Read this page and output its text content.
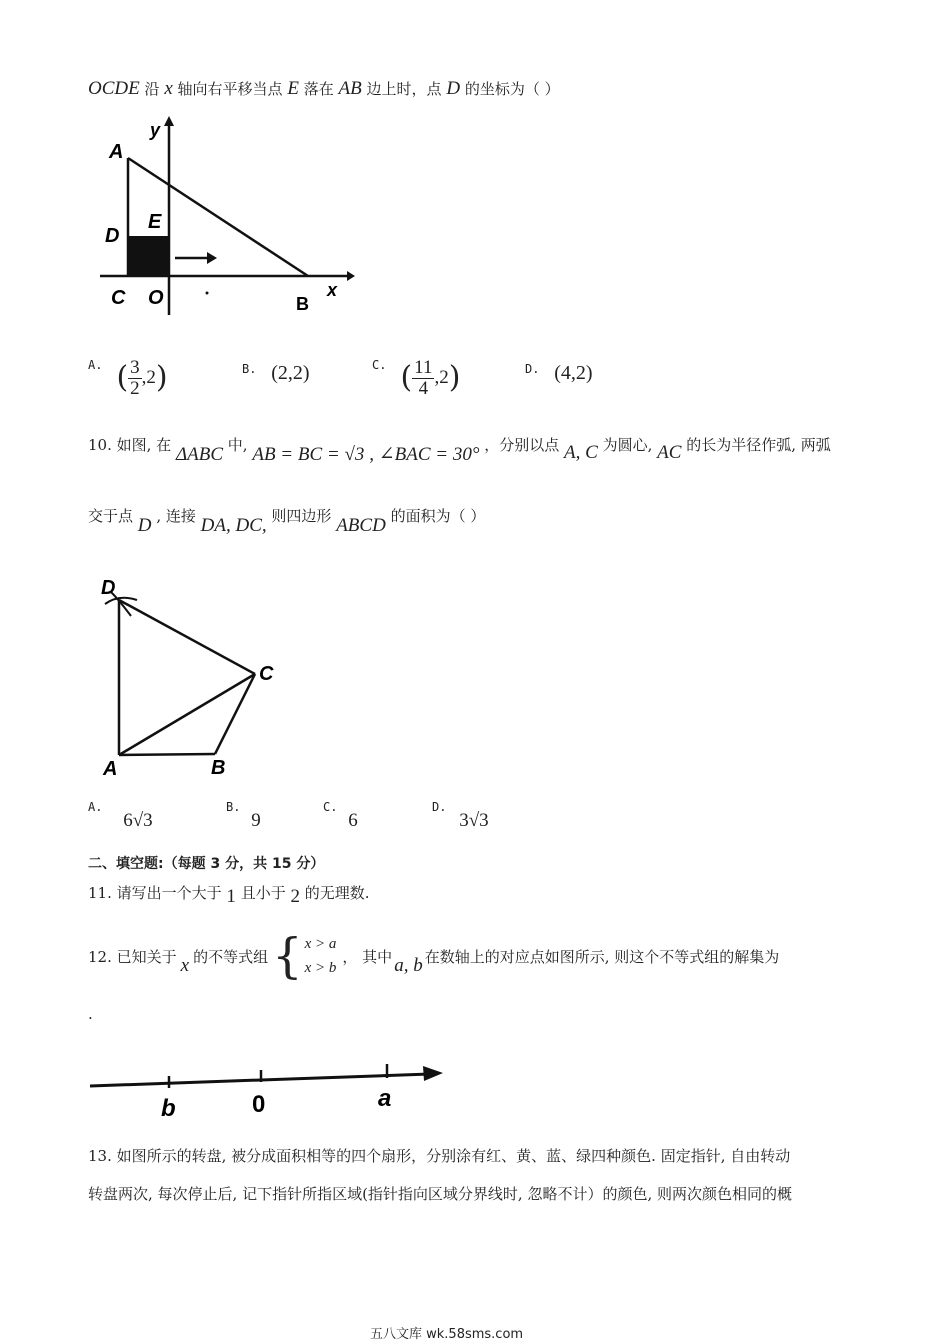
OCDE 沿 x 轴向右平移当点 E 落在 AB 边上时，点 D 的坐标为（ ）
A
y
D
E
C O	x
B
A. ( $\frac{3}{2} ,2$ )	$^{B.}$ (2,2)	C. ( $\frac{11}{4} ,2$ )	$^{D.}$ (4,2)
10. 如图, 在 ΔABC 中, AB = BC = √3 , ∠BAC = 30° ，分别以点 A, C 为圆心, AC 的长为半径作弧, 两弧
交于点 D , 连接 DA, DC, 则四边形 ABCD 的面积为（ ）
D
C
A	B
$^{A.}$ 6√3
$^{B.}$ 9
$^{C.}$ 6
$^{D.}$ 3√3
二、填空题:（每题 3 分，共 15 分）
11. 请写出一个大于 1 且小于 2 的无理数.
12. 已知关于 x 的不等式组 { x > a
x > b
， 其中 a, b 在数轴上的对应点如图所示, 则这个不等式组的解集为
.
b	0	a
13. 如图所示的转盘, 被分成面积相等的四个扇形，分别涂有红、黄、蓝、绿四种颜色. 固定指针, 自由转动
转盘两次, 每次停止后, 记下指针所指区域(指针指向区域分界线时, 忽略不计）的颜色, 则两次颜色相同的概
五八文库 wk.58sms.com
